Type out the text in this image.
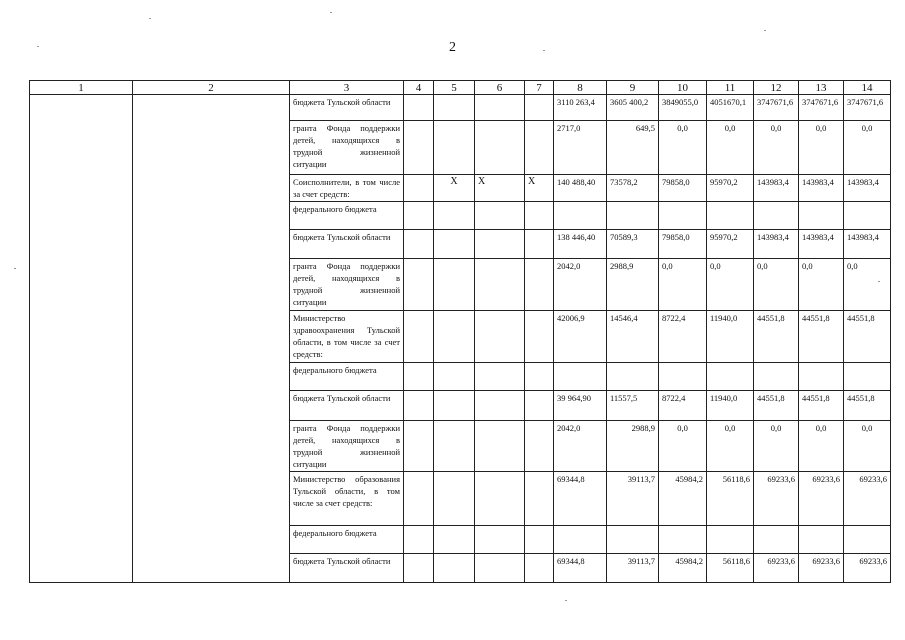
2
1	2	3	4	5	6	7	8	9	10	11	12	13	14
		бюджета Тульской области					3110 263,4	3605 400,2	3849055,0	4051670,1	3747671,6	3747671,6	3747671,6
		гранта Фонда поддержки детей, находящихся в трудной жизненной ситуации					2717,0	649,5	0,0	0,0	0,0	0,0	0,0
		Соисполнители, в том числе за счет средств:		Х	Х	Х	140 488,40	73578,2	79858,0	95970,2	143983,4	143983,4	143983,4
		федерального бюджета											
		бюджета Тульской области					138 446,40	70589,3	79858,0	95970,2	143983,4	143983,4	143983,4
		гранта Фонда поддержки детей, находящихся в трудной жизненной ситуации					2042,0	2988,9	0,0	0,0	0,0	0,0	0,0
		Министерство здравоохранения Тульской области, в том числе за счет средств:					42006,9	14546,4	8722,4	11940,0	44551,8	44551,8	44551,8
		федерального бюджета											
		бюджета Тульской области					39 964,90	11557,5	8722,4	11940,0	44551,8	44551,8	44551,8
		гранта Фонда поддержки детей, находящихся в трудной жизненной ситуации					2042,0	2988,9	0,0	0,0	0,0	0,0	0,0
		Министерство образования Тульской области, в том числе за счет средств:					69344,8	39113,7	45984,2	56118,6	69233,6	69233,6	69233,6
		федерального бюджета											
		бюджета Тульской области					69344,8	39113,7	45984,2	56118,6	69233,6	69233,6	69233,6
